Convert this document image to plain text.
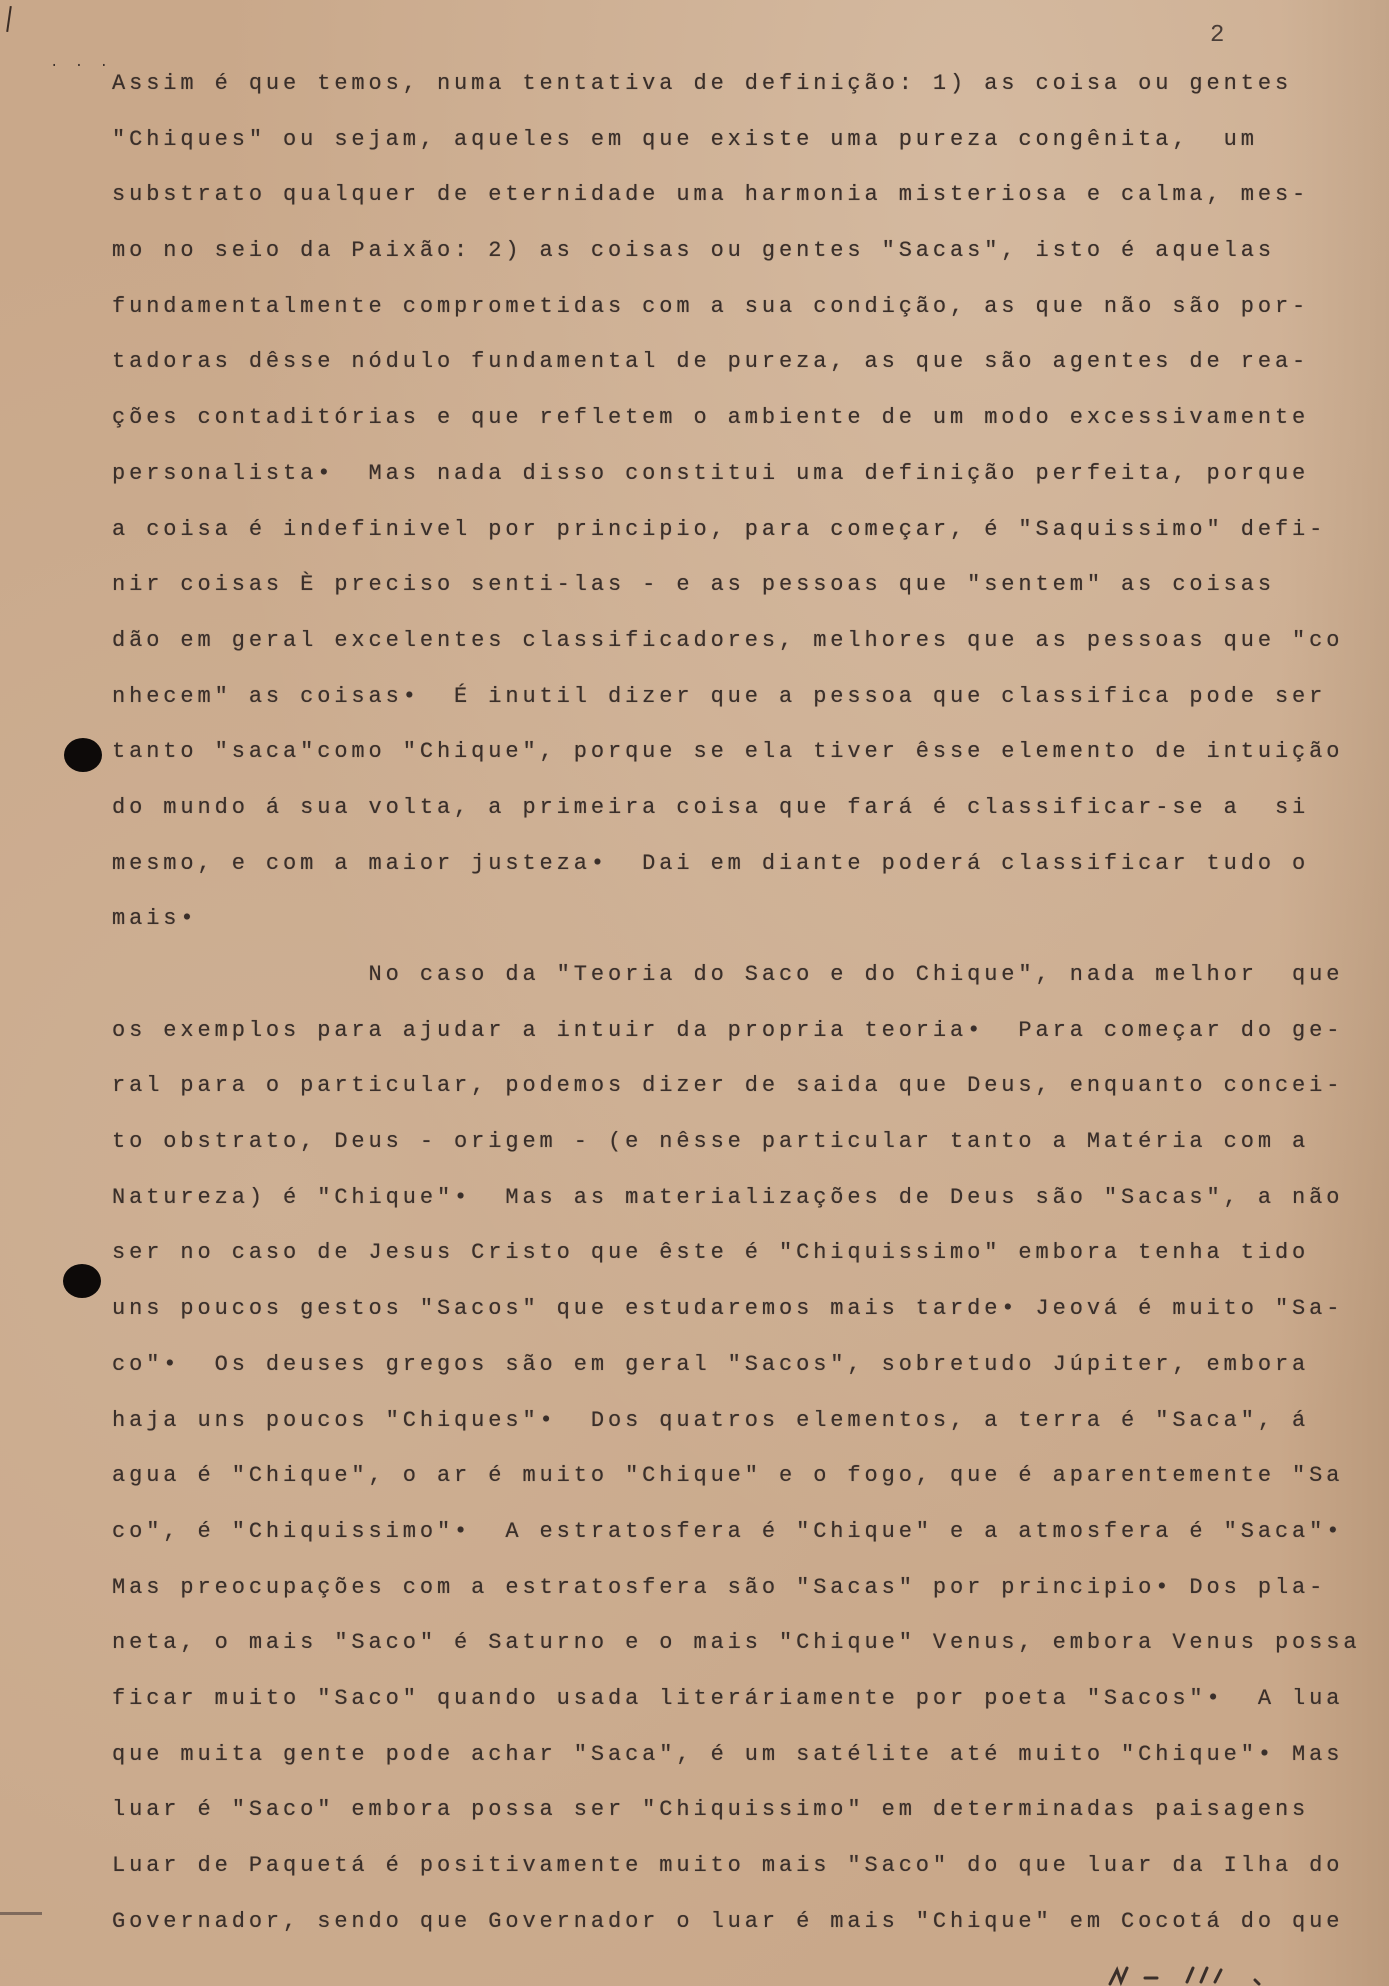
· · ·
2
Assim é que temos, numa tentativa de definição: 1) as coisa ou gentes
"Chiques" ou sejam, aqueles em que existe uma pureza congênita,  um
substrato qualquer de eternidade uma harmonia misteriosa e calma, mes-
mo no seio da Paixão: 2) as coisas ou gentes "Sacas", isto é aquelas
fundamentalmente comprometidas com a sua condição, as que não são por-
tadoras dêsse nódulo fundamental de pureza, as que são agentes de rea-
ções contaditórias e que refletem o ambiente de um modo excessivamente
personalista•  Mas nada disso constitui uma definição perfeita, porque
a coisa é indefinivel por principio, para começar, é "Saquissimo" defi-
nir coisas È preciso senti-las - e as pessoas que "sentem" as coisas
dão em geral excelentes classificadores, melhores que as pessoas que "co
nhecem" as coisas•  É inutil dizer que a pessoa que classifica pode ser
tanto "saca"como "Chique", porque se ela tiver êsse elemento de intuição
do mundo á sua volta, a primeira coisa que fará é classificar-se a  si
mesmo, e com a maior justeza•  Dai em diante poderá classificar tudo o
mais•
No caso da "Teoria do Saco e do Chique", nada melhor  que
os exemplos para ajudar a intuir da propria teoria•  Para começar do ge-
ral para o particular, podemos dizer de saida que Deus, enquanto concei-
to obstrato, Deus - origem - (e nêsse particular tanto a Matéria com a
Natureza) é "Chique"•  Mas as materializações de Deus são "Sacas", a não
ser no caso de Jesus Cristo que êste é "Chiquissimo" embora tenha tido
uns poucos gestos "Sacos" que estudaremos mais tarde• Jeová é muito "Sa-
co"•  Os deuses gregos são em geral "Sacos", sobretudo Júpiter, embora
haja uns poucos "Chiques"•  Dos quatros elementos, a terra é "Saca", á
agua é "Chique", o ar é muito "Chique" e o fogo, que é aparentemente "Sa
co", é "Chiquissimo"•  A estratosfera é "Chique" e a atmosfera é "Saca"•
Mas preocupações com a estratosfera são "Sacas" por principio• Dos pla-
neta, o mais "Saco" é Saturno e o mais "Chique" Venus, embora Venus possa
ficar muito "Saco" quando usada literáriamente por poeta "Sacos"•  A lua
que muita gente pode achar "Saca", é um satélite até muito "Chique"• Mas
luar é "Saco" embora possa ser "Chiquissimo" em determinadas paisagens
Luar de Paquetá é positivamente muito mais "Saco" do que luar da Ilha do
Governador, sendo que Governador o luar é mais "Chique" em Cocotá do que
